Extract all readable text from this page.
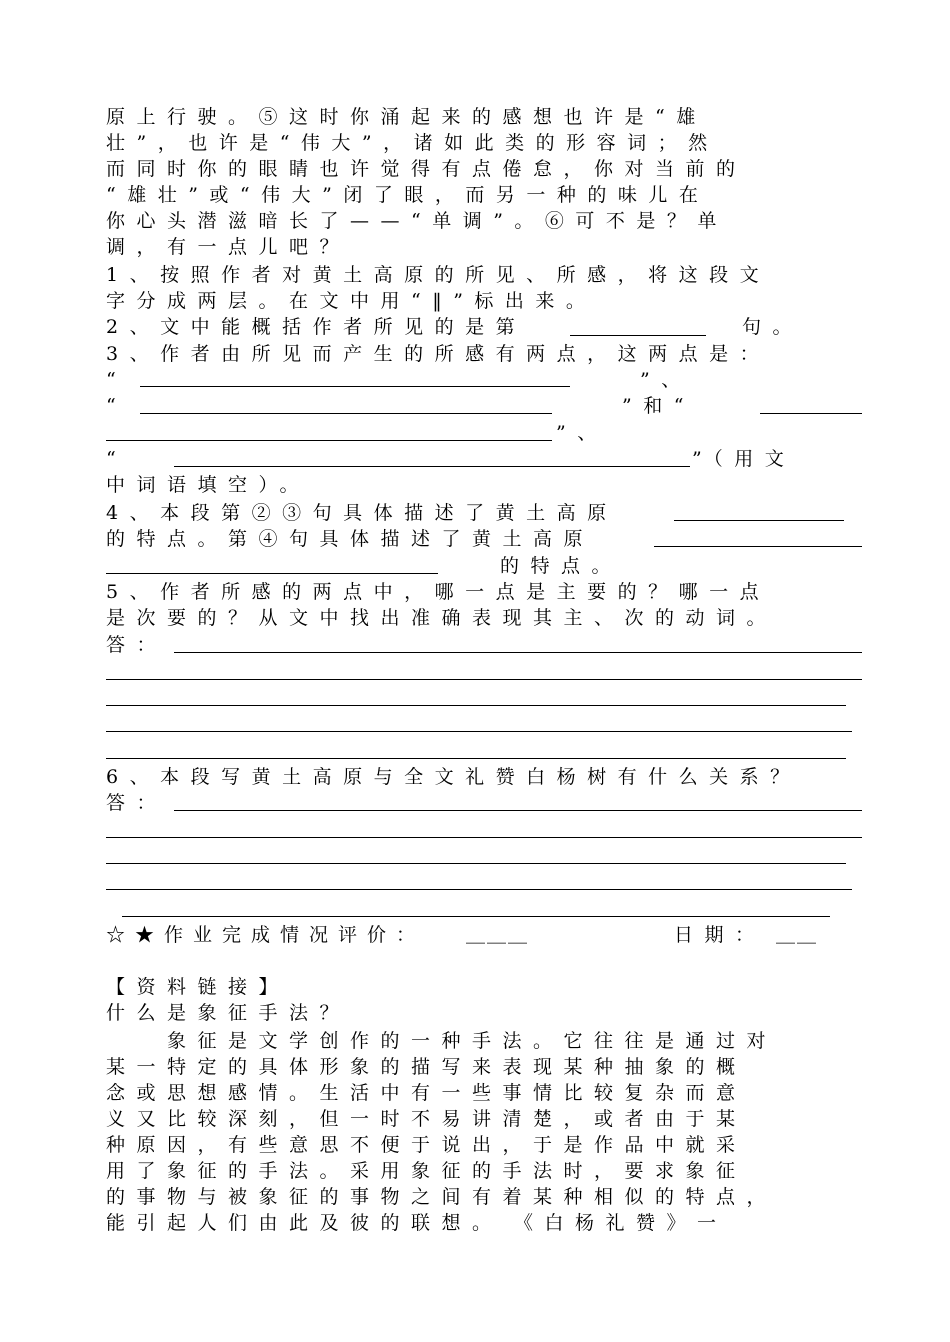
原上行驶。⑤这时你涌起来的感想也许是“雄
壮”，也许是“伟大”，诸如此类的形容词；然
而同时你的眼睛也许觉得有点倦怠，你对当前的
“雄壮”或“伟大”闭了眼，而另一种的味儿在
你心头潜滋暗长了——“单调”。⑥可不是？单
调，有一点儿吧？
1、按照作者对黄土高原的所见、所感，将这段文
字分成两层。在文中用“‖”标出来。
2、文中能概括作者所见的是第	句。
3、作者由所见而产生的所感有两点，这两点是：
“	”、
“	”和“
”、
“	”（用文
中词语填空）。
4、本段第②③句具体描述了黄土高原
的特点。第④句具体描述了黄土高原
的特点。
5、作者所感的两点中，哪一点是主要的？哪一点
是次要的？从文中找出准确表现其主、次的动词。
答：
6、本段写黄土高原与全文礼赞白杨树有什么关系？
答：
☆★作业完成情况评价： ＿＿＿	日期： ＿＿
【资料链接】
什么是象征手法？
　　象征是文学创作的一种手法。它往往是通过对
某一特定的具体形象的描写来表现某种抽象的概
念或思想感情。生活中有一些事情比较复杂而意
义又比较深刻，但一时不易讲清楚，或者由于某
种原因，有些意思不便于说出，于是作品中就采
用了象征的手法。采用象征的手法时，要求象征
的事物与被象征的事物之间有着某种相似的特点，
能引起人们由此及彼的联想。　《白杨礼赞》一
